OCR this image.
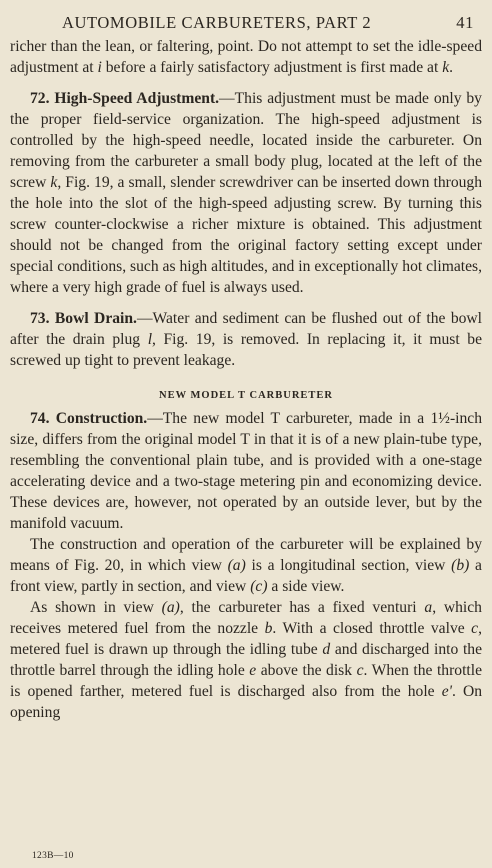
AUTOMOBILE CARBURETERS, PART 2	41

richer than the lean, or faltering, point. Do not attempt to set the idle-speed adjustment at i before a fairly satisfactory adjustment is first made at k.

72. High-Speed Adjustment.—This adjustment must be made only by the proper field-service organization. The high-speed adjustment is controlled by the high-speed needle, located inside the carbureter. On removing from the carbureter a small body plug, located at the left of the screw k, Fig. 19, a small, slender screwdriver can be inserted down through the hole into the slot of the high-speed adjusting screw. By turning this screw counter-clockwise a richer mixture is obtained. This adjustment should not be changed from the original factory setting except under special conditions, such as high altitudes, and in exceptionally hot climates, where a very high grade of fuel is always used.

73. Bowl Drain.—Water and sediment can be flushed out of the bowl after the drain plug l, Fig. 19, is removed. In replacing it, it must be screwed up tight to prevent leakage.

NEW MODEL T CARBURETER

74. Construction.—The new model T carbureter, made in a 1½-inch size, differs from the original model T in that it is of a new plain-tube type, resembling the conventional plain tube, and is provided with a one-stage accelerating device and a two-stage metering pin and economizing device. These devices are, however, not operated by an outside lever, but by the manifold vacuum.

The construction and operation of the carbureter will be explained by means of Fig. 20, in which view (a) is a longitudinal section, view (b) a front view, partly in section, and view (c) a side view.

As shown in view (a), the carbureter has a fixed venturi a, which receives metered fuel from the nozzle b. With a closed throttle valve c, metered fuel is drawn up through the idling tube d and discharged into the throttle barrel through the idling hole e above the disk c. When the throttle is opened farther, metered fuel is discharged also from the hole e'. On opening

123B—10
